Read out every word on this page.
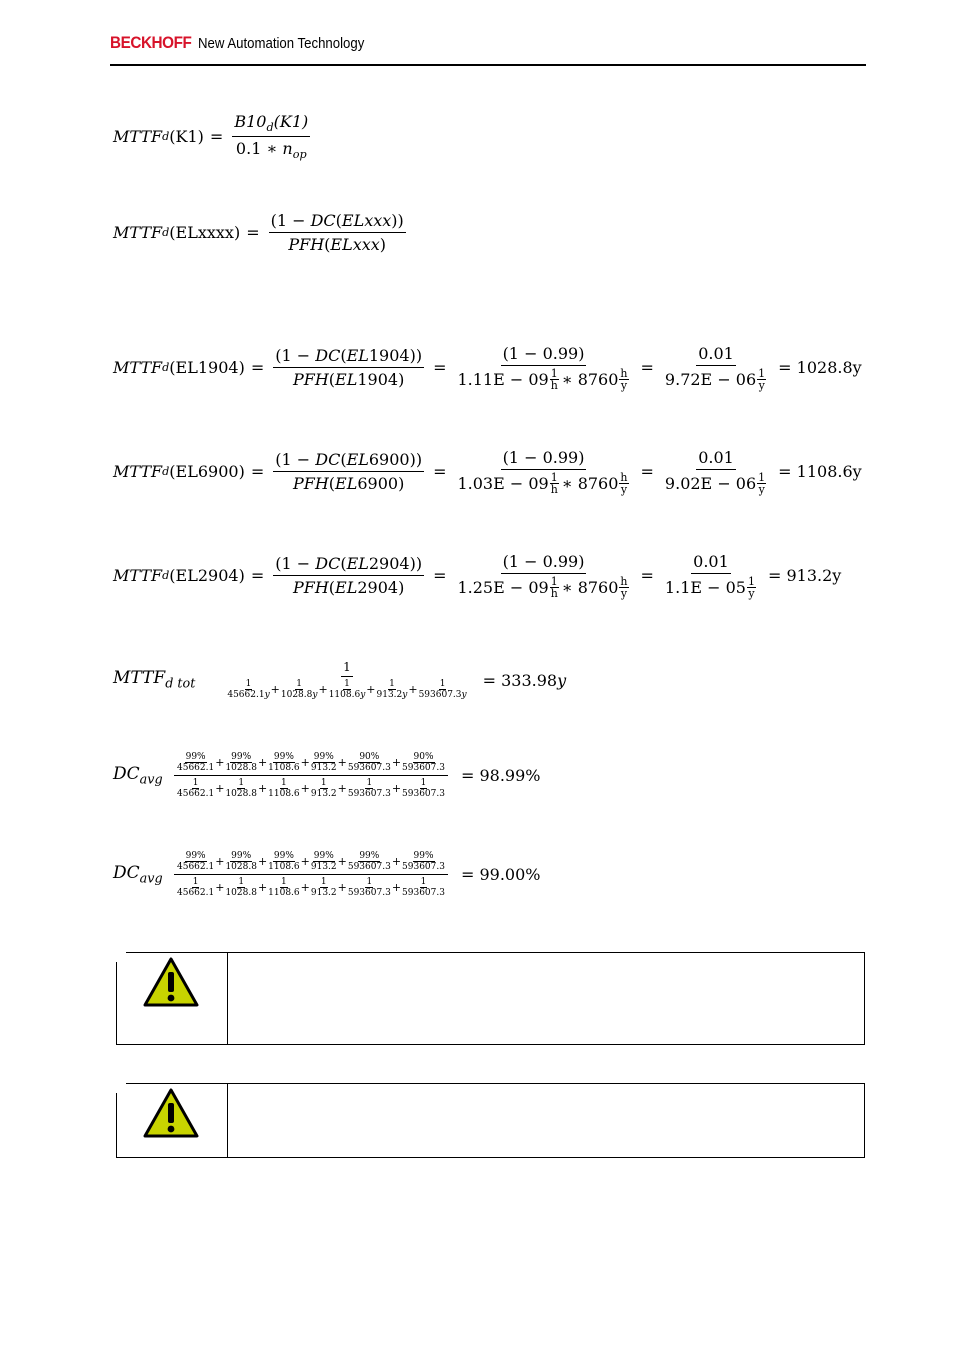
BECKHOFF New Automation Technology
MTTF d $(K1) = \frac{B10_d(K1)}{0.1 ∗ n_{op}}$
MTTF d (ELxxxx) = $\frac{\text{(1 − DC(ELxxx))}}{\text{PFH(ELxxx)}}$
MTTF d ( EL1904 ) = $\frac{(1 - DC(EL1904))}{\text{PFH(EL1904)}} = (1 - 0.99)$
1.11E − 09 1
h ∗ 8760 h
y = 0.01
9.72E − 06 1
y = 1028.8y
MTTF d ( EL6900 ) = $\frac{(1 - DC(EL6900))}{\text{PFH(EL6900)}} = (1 - 0.99)$
1.03E − 09 1
h ∗ 8760 h
y = 0.01
9.02E − 06 1
y = 1108.6y
MTTF d ( EL2904 ) = $\frac{(1 - DC(EL2904))}{\text{PFH(EL2904)}} = (1 - 0.99)$
1.25E − 09 1
h ∗ 8760 h
y = 0.01
1.1E − 05 1
y = 913.2y
$MTTF_{d tot}$ 1
1
$45662.1y + \frac{1}{1028.8y} + \frac{1}{1108.6y} + \frac{1}{913.2y} + \frac{1}{593607.3y} = 333.98y$
$DC_{avg}$
99%
$45662.1 + \frac{99\%}{1028.8} + \frac{99\%}{1108.6} + \frac{99\%}{913.2} + \frac{90\%}{593607.3} + \frac{90\%}{593607.3}$
1
$45662.1 + \frac{1}{1028.8} + \frac{1}{1108.6} + \frac{1}{913.2} + \frac{1}{593607.3} + \frac{1}{593607.3}$
= 98.99%
$DC_{avg}$
99%
$45662.1 + \frac{99\%}{1028.8} + \frac{99\%}{1108.6} + \frac{99\%}{913.2} + \frac{99\%}{593607.3} + \frac{99\%}{593607.3}$
1
$45662.1 + \frac{1}{1028.8} + \frac{1}{1108.6} + \frac{1}{913.2} + \frac{1}{593607.3} + \frac{1}{593607.3}$
= 99.00%
